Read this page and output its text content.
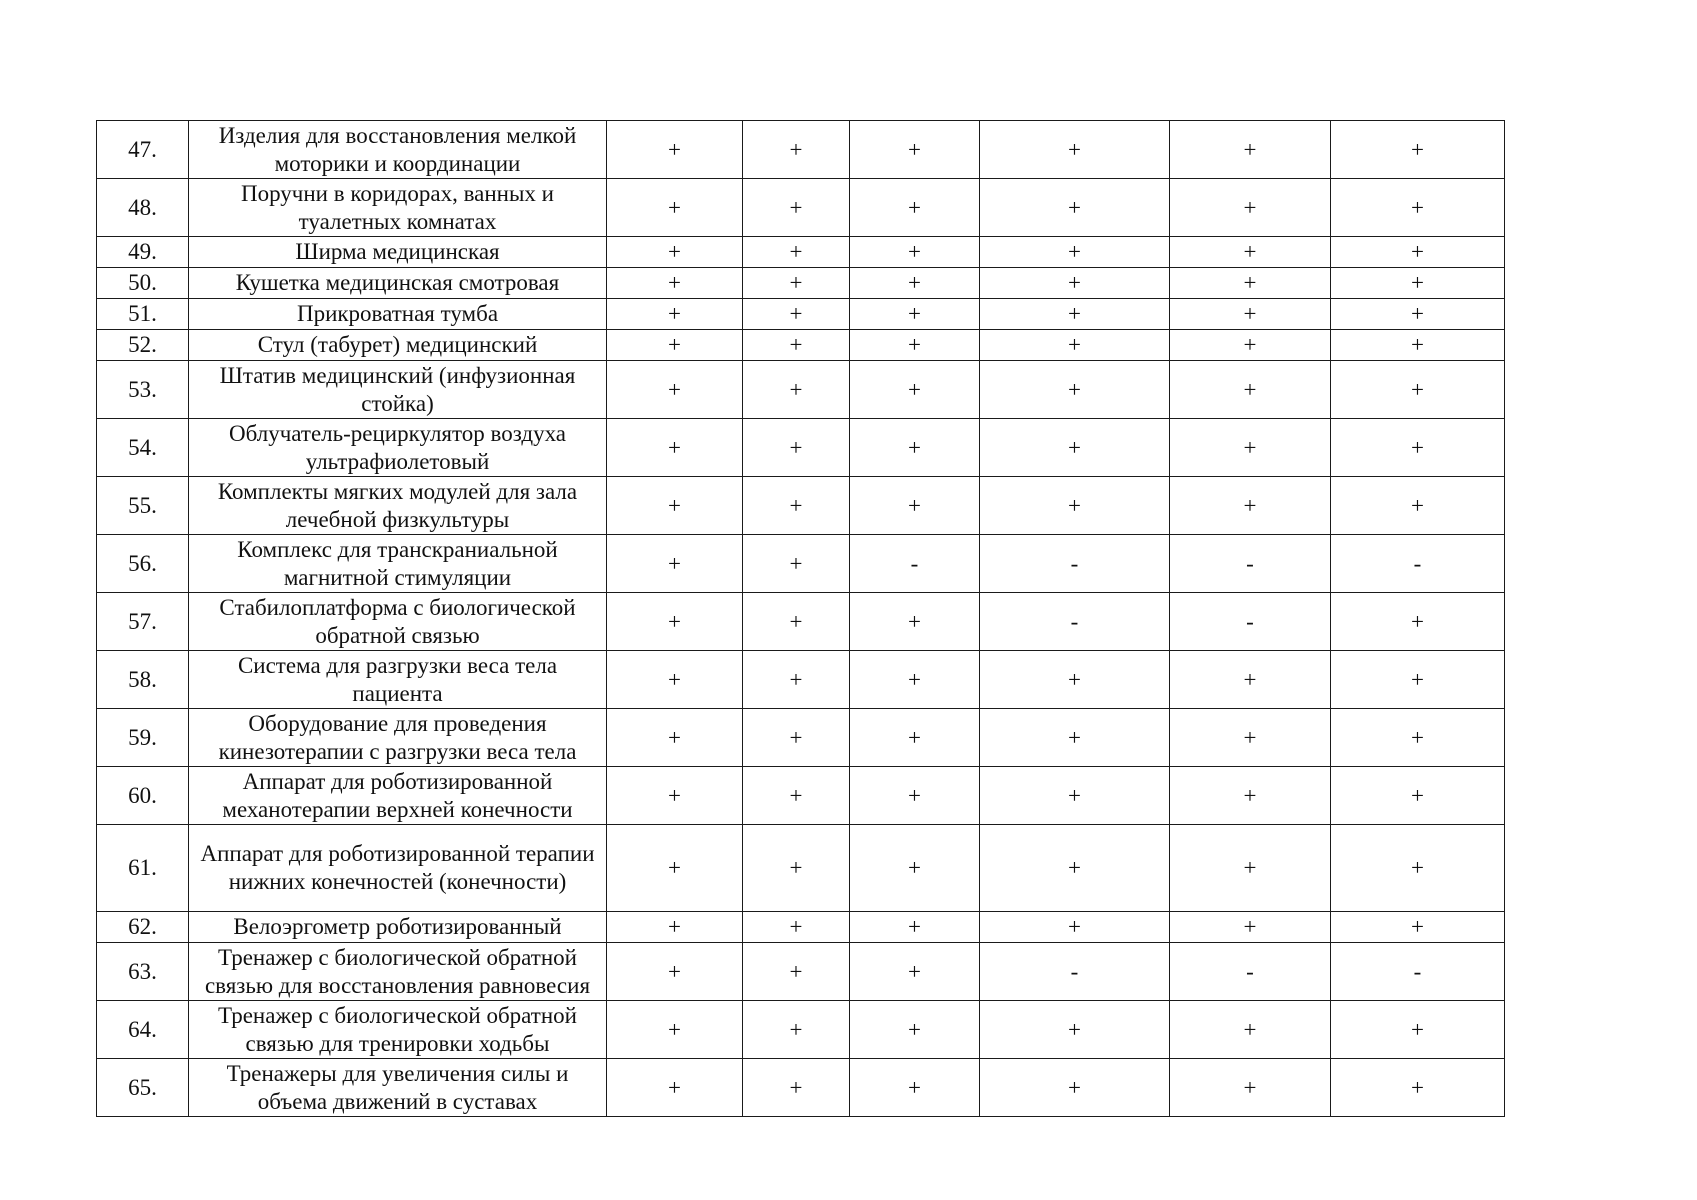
47.	Изделия для восстановления мелкой моторики и координации	+	+	+	+	+	+
48.	Поручни в коридорах, ванных и туалетных комнатах	+	+	+	+	+	+
49.	Ширма медицинская	+	+	+	+	+	+
50.	Кушетка медицинская смотровая	+	+	+	+	+	+
51.	Прикроватная тумба	+	+	+	+	+	+
52.	Стул (табурет) медицинский	+	+	+	+	+	+
53.	Штатив медицинский (инфузионная стойка)	+	+	+	+	+	+
54.	Облучатель-рециркулятор воздуха ультрафиолетовый	+	+	+	+	+	+
55.	Комплекты мягких модулей для зала лечебной физкультуры	+	+	+	+	+	+
56.	Комплекс для транскраниальной магнитной стимуляции	+	+	-	-	-	-
57.	Стабилоплатформа с биологической обратной связью	+	+	+	-	-	+
58.	Система для разгрузки веса тела пациента	+	+	+	+	+	+
59.	Оборудование для проведения кинезотерапии с разгрузки веса тела	+	+	+	+	+	+
60.	Аппарат для роботизированной механотерапии верхней конечности	+	+	+	+	+	+
61.	Аппарат для роботизированной терапии нижних конечностей (конечности)	+	+	+	+	+	+
62.	Велоэргометр роботизированный	+	+	+	+	+	+
63.	Тренажер с биологической обратной связью для восстановления равновесия	+	+	+	-	-	-
64.	Тренажер с биологической обратной связью для тренировки ходьбы	+	+	+	+	+	+
65.	Тренажеры для увеличения силы и объема движений в суставах	+	+	+	+	+	+
